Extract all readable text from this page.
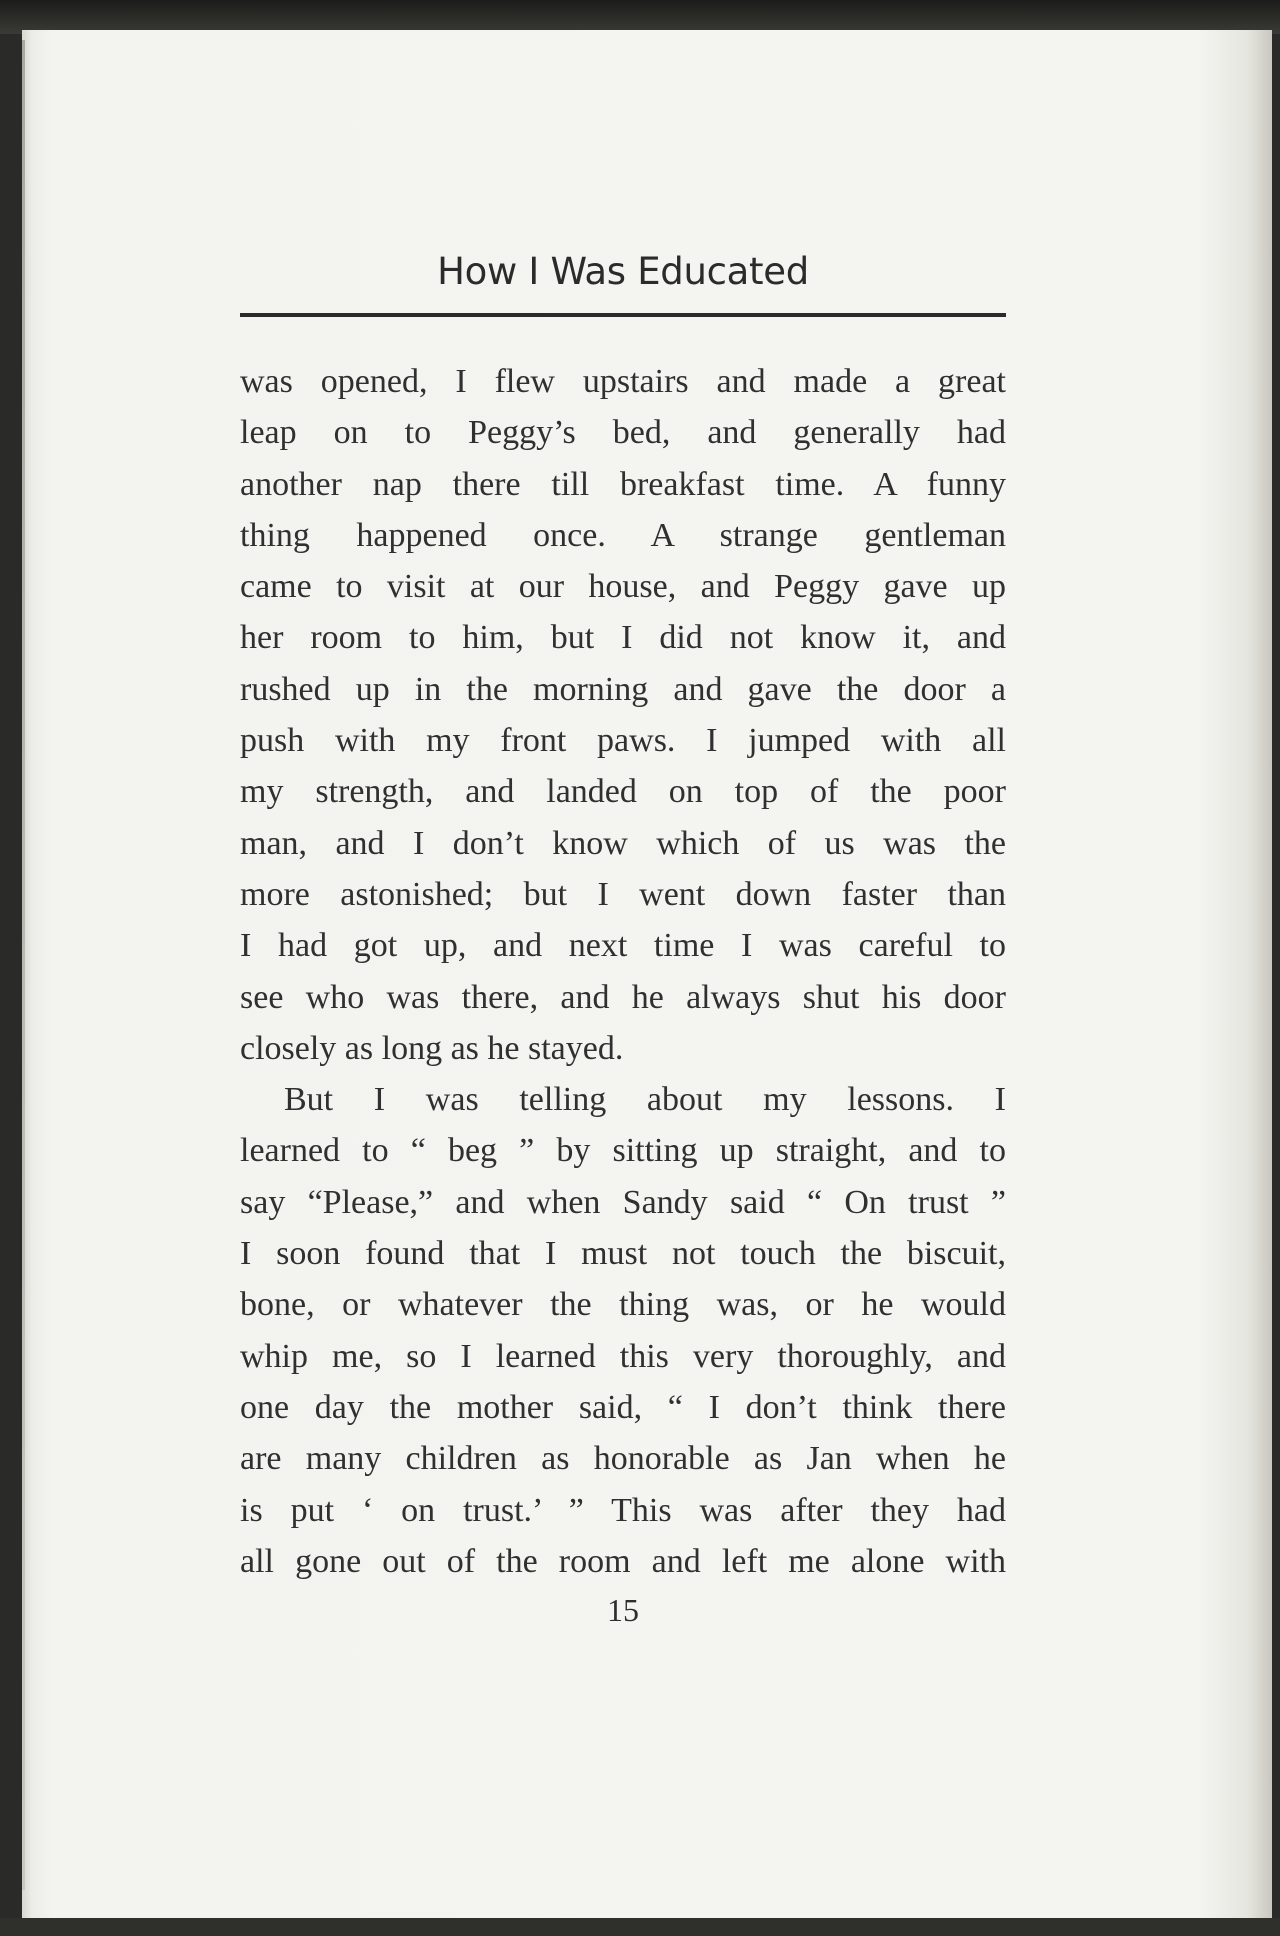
How I Was Educated
was opened, I flew upstairs and made a great
leap on to Peggy’s bed, and generally had
another nap there till breakfast time. A funny
thing happened once. A strange gentleman
came to visit at our house, and Peggy gave up
her room to him, but I did not know it, and
rushed up in the morning and gave the door a
push with my front paws. I jumped with all
my strength, and landed on top of the poor
man, and I don’t know which of us was the
more astonished; but I went down faster than
I had got up, and next time I was careful to
see who was there, and he always shut his door
closely as long as he stayed.
But I was telling about my lessons. I
learned to “ beg ” by sitting up straight, and to
say “Please,” and when Sandy said “ On trust ”
I soon found that I must not touch the biscuit,
bone, or whatever the thing was, or he would
whip me, so I learned this very thoroughly, and
one day the mother said, “ I don’t think there
are many children as honorable as Jan when he
is put ‘ on trust.’ ” This was after they had
all gone out of the room and left me alone with
15
